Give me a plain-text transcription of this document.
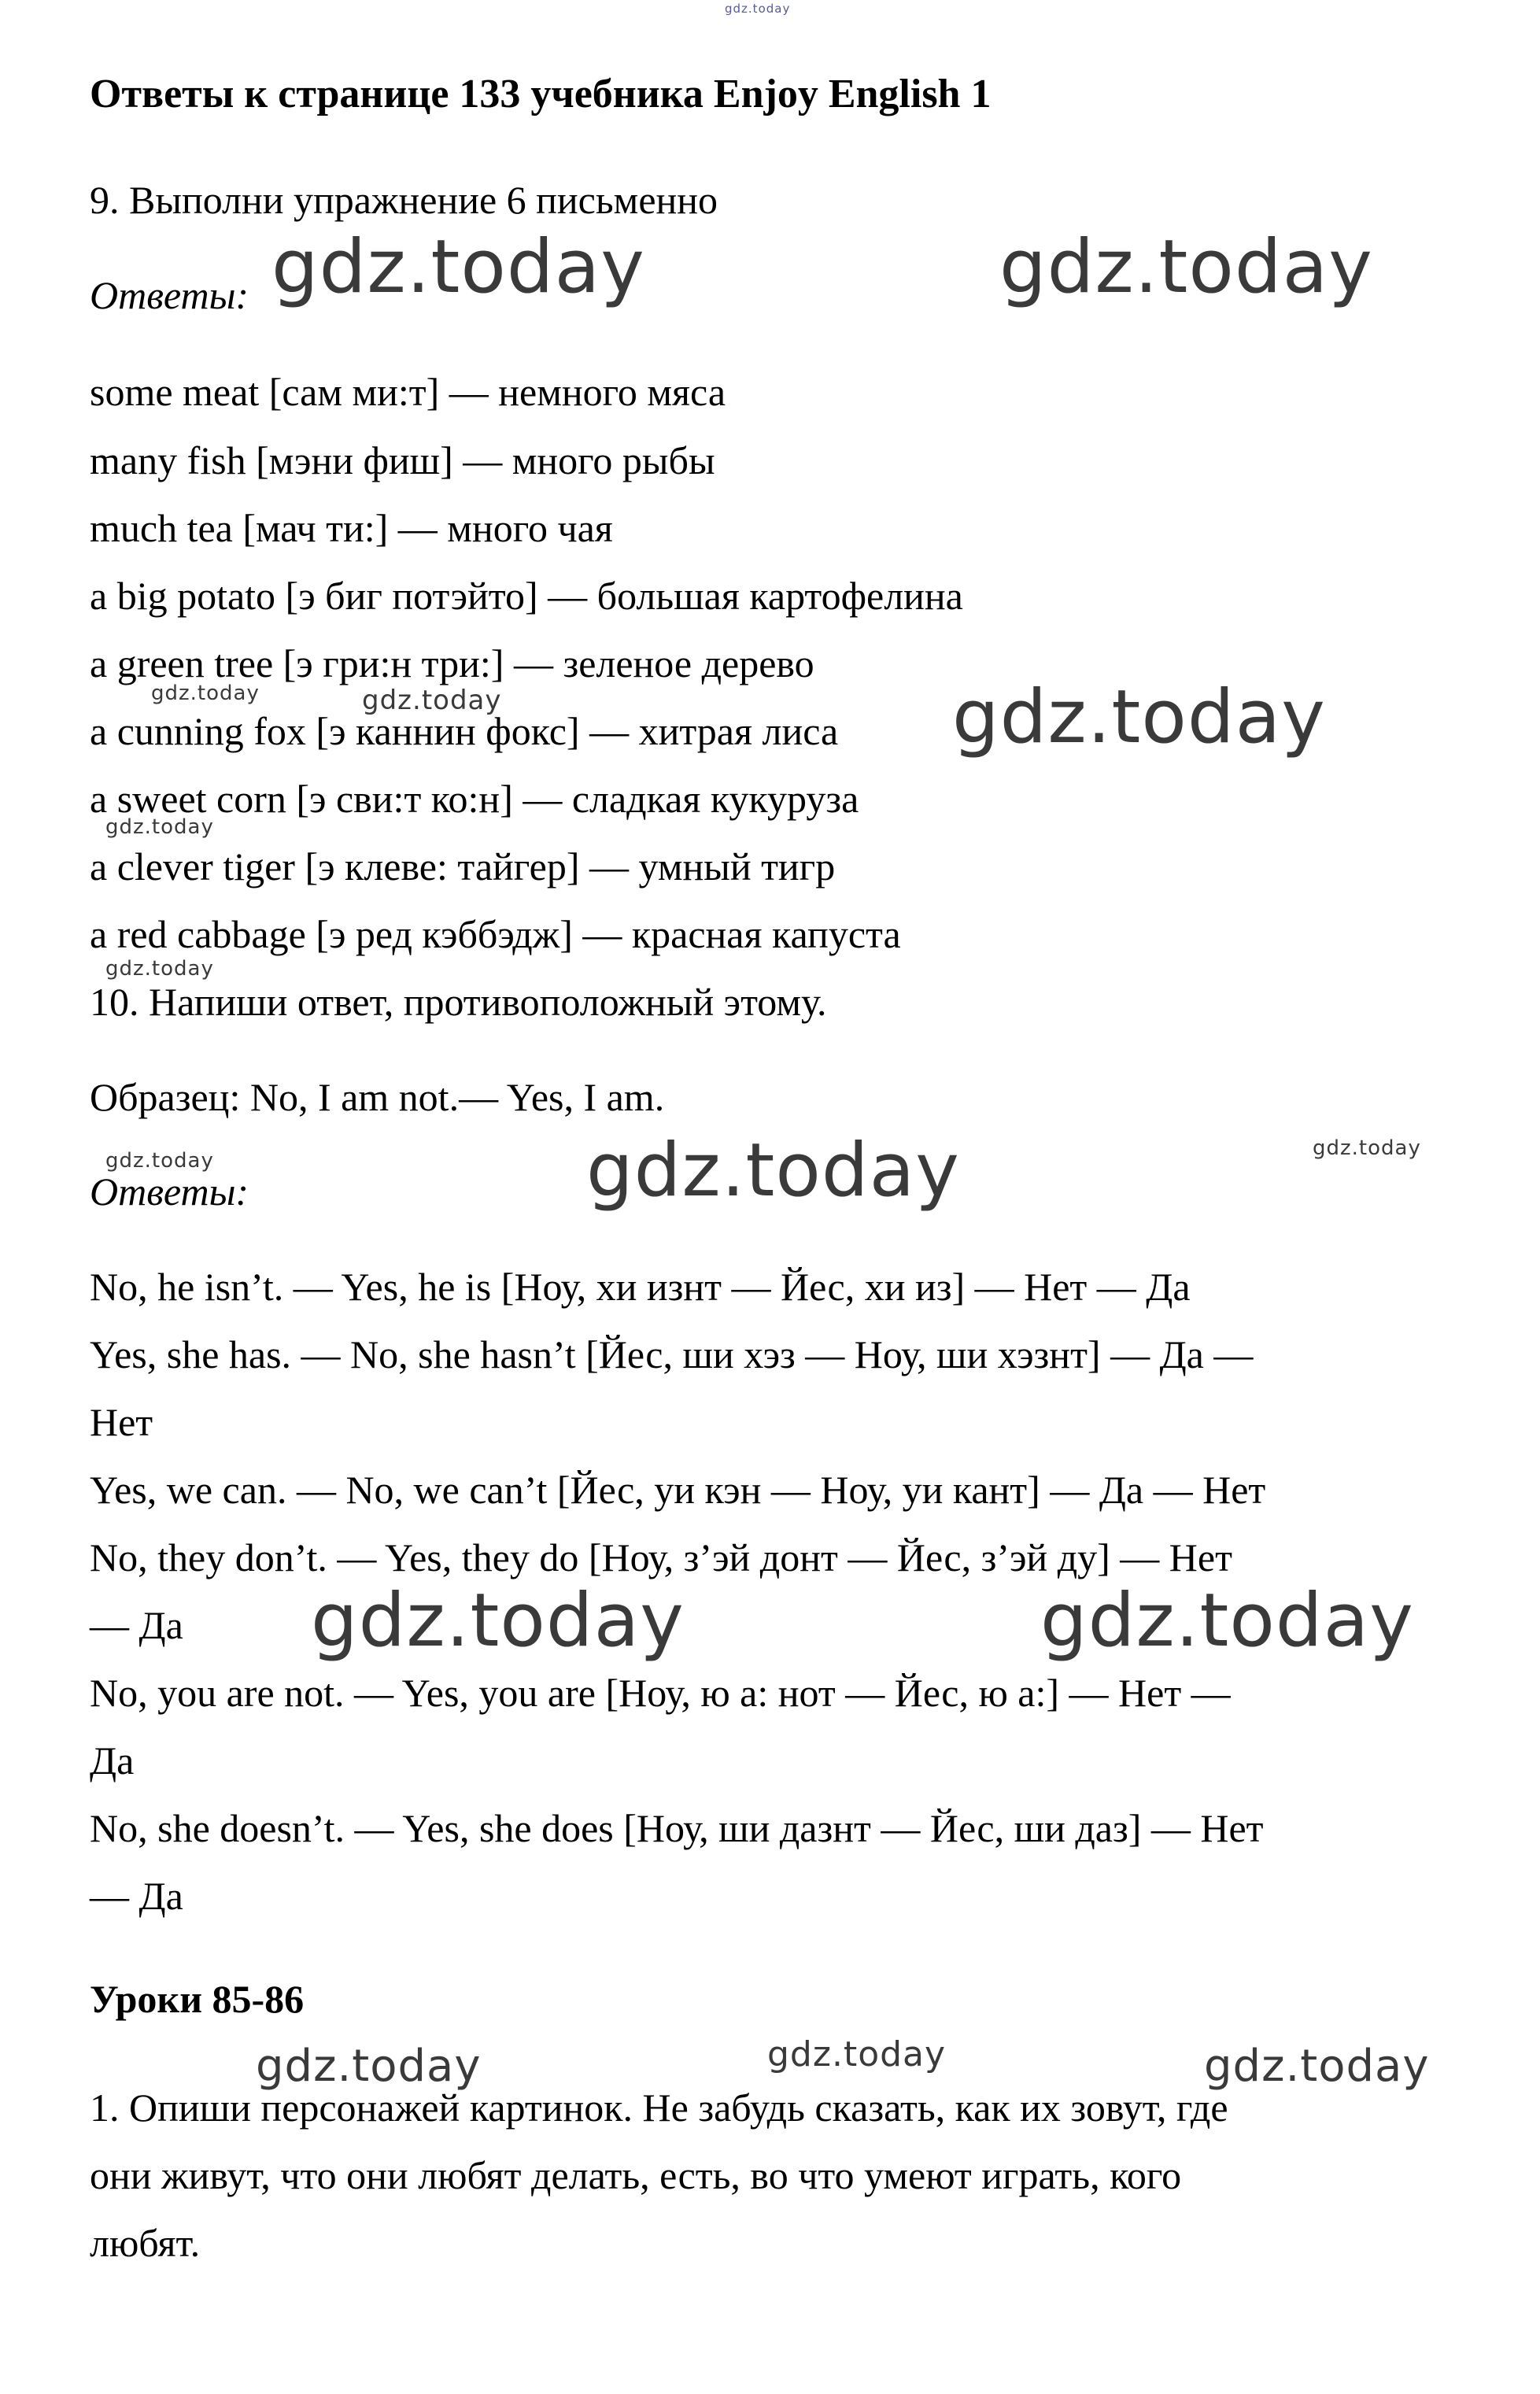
Ответы к странице 133 учебника Enjoy English 1
9. Выполни упражнение 6 письменно
Ответы:
some meat [сам ми:т] — немного мяса
many fish [мэни фиш] — много рыбы
much tea [мач ти:] — много чая
a big potato [э биг потэйто] — большая картофелина
a green tree [э гри:н три:] — зеленое дерево
a cunning fox [э каннин фокс] — хитрая лиса
a sweet corn [э сви:т ко:н] — сладкая кукуруза
a clever tiger [э клеве: тайгер] — умный тигр
a red cabbage [э ред кэббэдж] — красная капуста
10. Напиши ответ, противоположный этому.
Образец: No, I am not.— Yes, I am.
Ответы:
No, he isn’t. — Yes, he is [Ноу, хи изнт — Йес, хи из] — Нет — Да
Yes, she has. — No, she hasn’t [Йес, ши хэз — Ноу, ши хэзнт] — Да —
Нет
Yes, we can. — No, we can’t [Йес, уи кэн — Ноу, уи кант] — Да — Нет
No, they don’t. — Yes, they do [Ноу, з’эй донт — Йес, з’эй ду] — Нет
— Да
No, you are not. — Yes, you are [Ноу, ю а: нот — Йес, ю а:] — Нет —
Да
No, she doesn’t. — Yes, she does [Ноу, ши дазнт — Йес, ши даз] — Нет
— Да
Уроки 85-86
1. Опиши персонажей картинок. Не забудь сказать, как их зовут, где
они живут, что они любят делать, есть, во что умеют играть, кого
любят.
gdz.today
gdz.today	gdz.today
gdz.today	gdz.today	gdz.today
gdz.today
gdz.today
gdz.today	gdz.today	gdz.today
gdz.today	gdz.today
gdz.today	gdz.today	gdz.today
